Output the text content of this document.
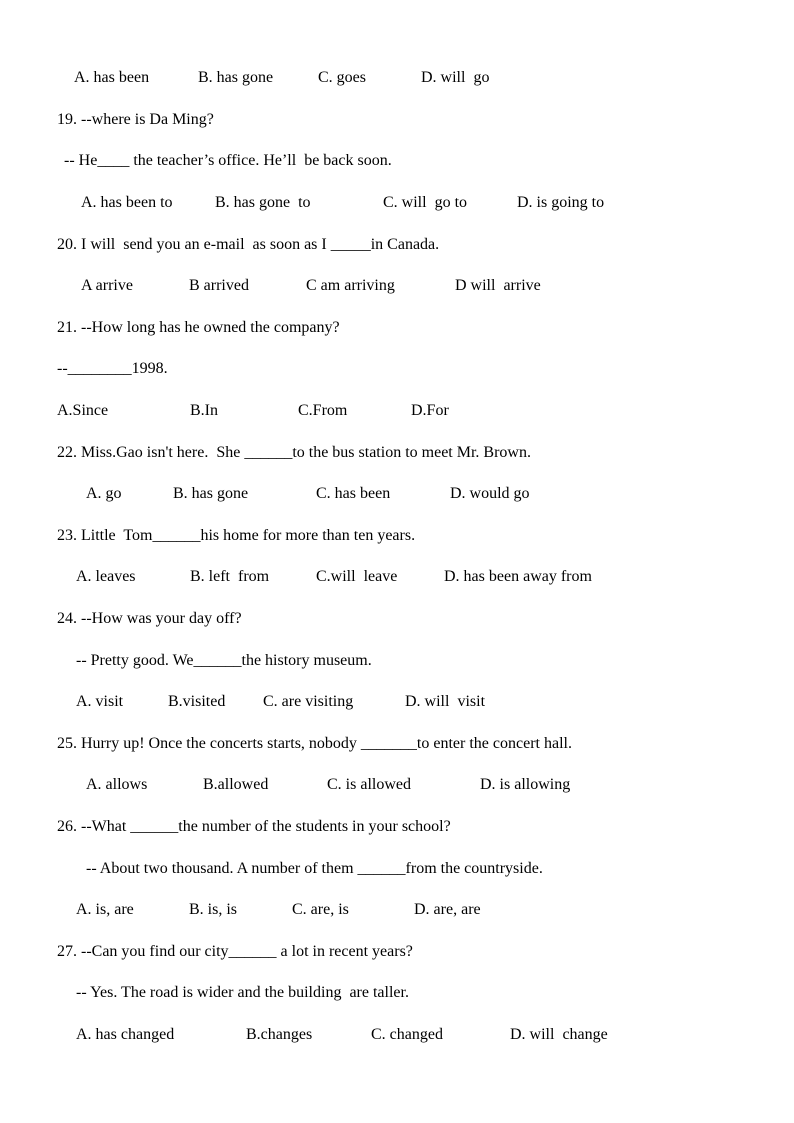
A. has been	B. has gone	C. goes	D. will  go
19. --where is Da Ming?
-- He____ the teacher’s office. He’ll  be back soon.
A. has been to	B. has gone  to	C. will  go to	D. is going to
20. I will  send you an e-mail  as soon as I _____in Canada.
A arrive	B arrived	C am arriving	D will  arrive
21. --How long has he owned the company?
--________1998.
A.Since	B.In	C.From	D.For
22. Miss.Gao isn't here.  She ______to the bus station to meet Mr. Brown.
A. go	B. has gone	C. has been	D. would go
23. Little  Tom______his home for more than ten years.
A. leaves	B. left  from	C.will  leave	D. has been away from
24. --How was your day off?
-- Pretty good. We______the history museum.
A. visit	B.visited C. are visiting	D. will  visit
25. Hurry up! Once the concerts starts, nobody _______to enter the concert hall.
A. allows	B.allowed	C. is allowed	D. is allowing
26. --What ______the number of the students in your school?
-- About two thousand. A number of them ______from the countryside.
A. is, are	B. is, is	C. are, is	D. are, are
27. --Can you find our city______ a lot in recent years?
-- Yes. The road is wider and the building  are taller.
A. has changed	B.changes	C. changed	D. will  change
